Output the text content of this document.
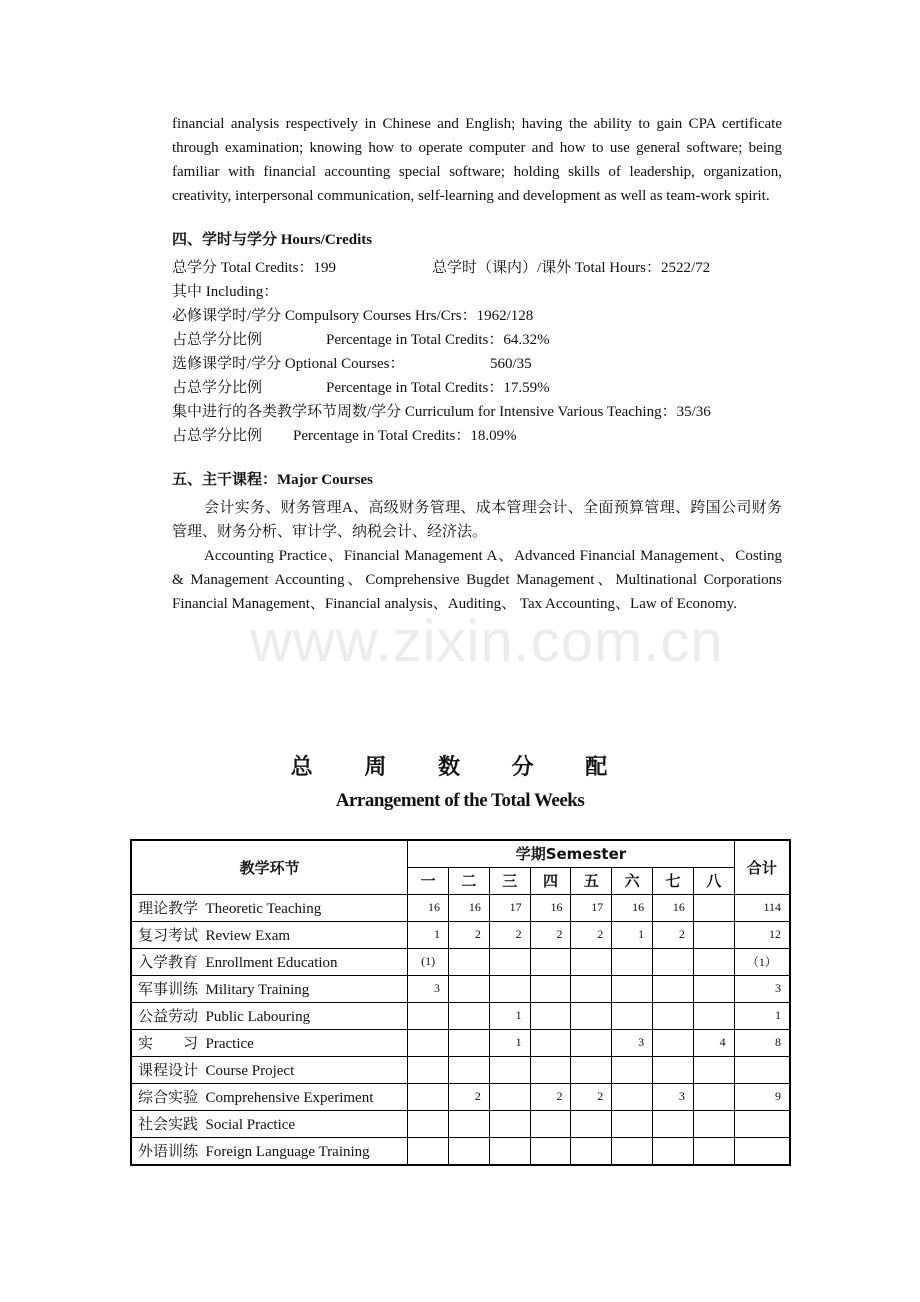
www.zixin.com.cn

financial analysis respectively in Chinese and English; having the ability to gain CPA certificate through examination; knowing how to operate computer and how to use general software; being familiar with financial accounting special software; holding skills of leadership, organization, creativity, interpersonal communication, self-learning and development as well as team-work spirit.

四、学时与学分 Hours/Credits
总学分 Total Credits：199	总学时（课内）/课外 Total Hours：2522/72
其中 Including：
必修课学时/学分 Compulsory Courses Hrs/Crs：1962/128
占总学分比例	Percentage in Total Credits：64.32%
选修课学时/学分 Optional Courses：	560/35
占总学分比例	Percentage in Total Credits：17.59%
集中进行的各类教学环节周数/学分 Curriculum for Intensive Various Teaching：35/36
占总学分比例 Percentage in Total Credits：18.09%
五、主干课程：Major Courses

会计实务、财务管理A、高级财务管理、成本管理会计、全面预算管理、跨国公司财务管理、财务分析、审计学、纳税会计、经济法。

Accounting Practice、Financial Management A、Advanced Financial Management、Costing & Management Accounting、Comprehensive Bugdet Management、Multinational Corporations Financial Management、Financial analysis、Auditing、 Tax Accounting、Law of Economy.

总 周 数 分 配
Arrangement of the Total Weeks
教学环节	学期Semester								合计
	一	二	三	四	五	六	七	八	
理论教学  Theoretic Teaching	16	16	17	16	17	16	16		114
复习考试  Review Exam	1	2	2	2	2	1	2		12
入学教育  Enrollment Education	(1)								（1）
军事训练  Military Training	3								3
公益劳动  Public Labouring			1						1
实        习  Practice			1			3		4	8
课程设计  Course Project									
综合实验  Comprehensive Experiment		2		2	2		3		9
社会实践  Social Practice									
外语训练  Foreign Language Training									
